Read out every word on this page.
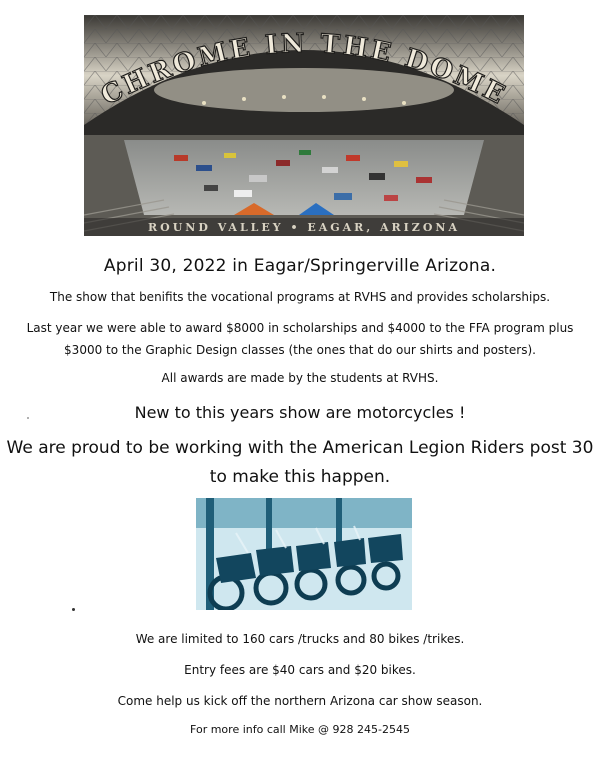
CHROME IN THE DOME
ROUND VALLEY • EAGAR, ARIZONA
April 30, 2022 in Eagar/Springerville Arizona.
The show that benifits the vocational programs at RVHS and provides scholarships.
Last year we were able to award $8000 in scholarships and $4000 to the FFA program plus
$3000 to the Graphic Design classes (the ones that do our shirts and posters).
All awards are made by the students at RVHS.
New to this years show are motorcycles !
We are proud to be working with the American Legion Riders post 30
to make this happen.
We are limited to 160 cars /trucks and 80 bikes /trikes.
Entry fees are $40 cars and $20 bikes.
Come help us kick off the northern Arizona car show season.
For more info call Mike @ 928 245-2545
